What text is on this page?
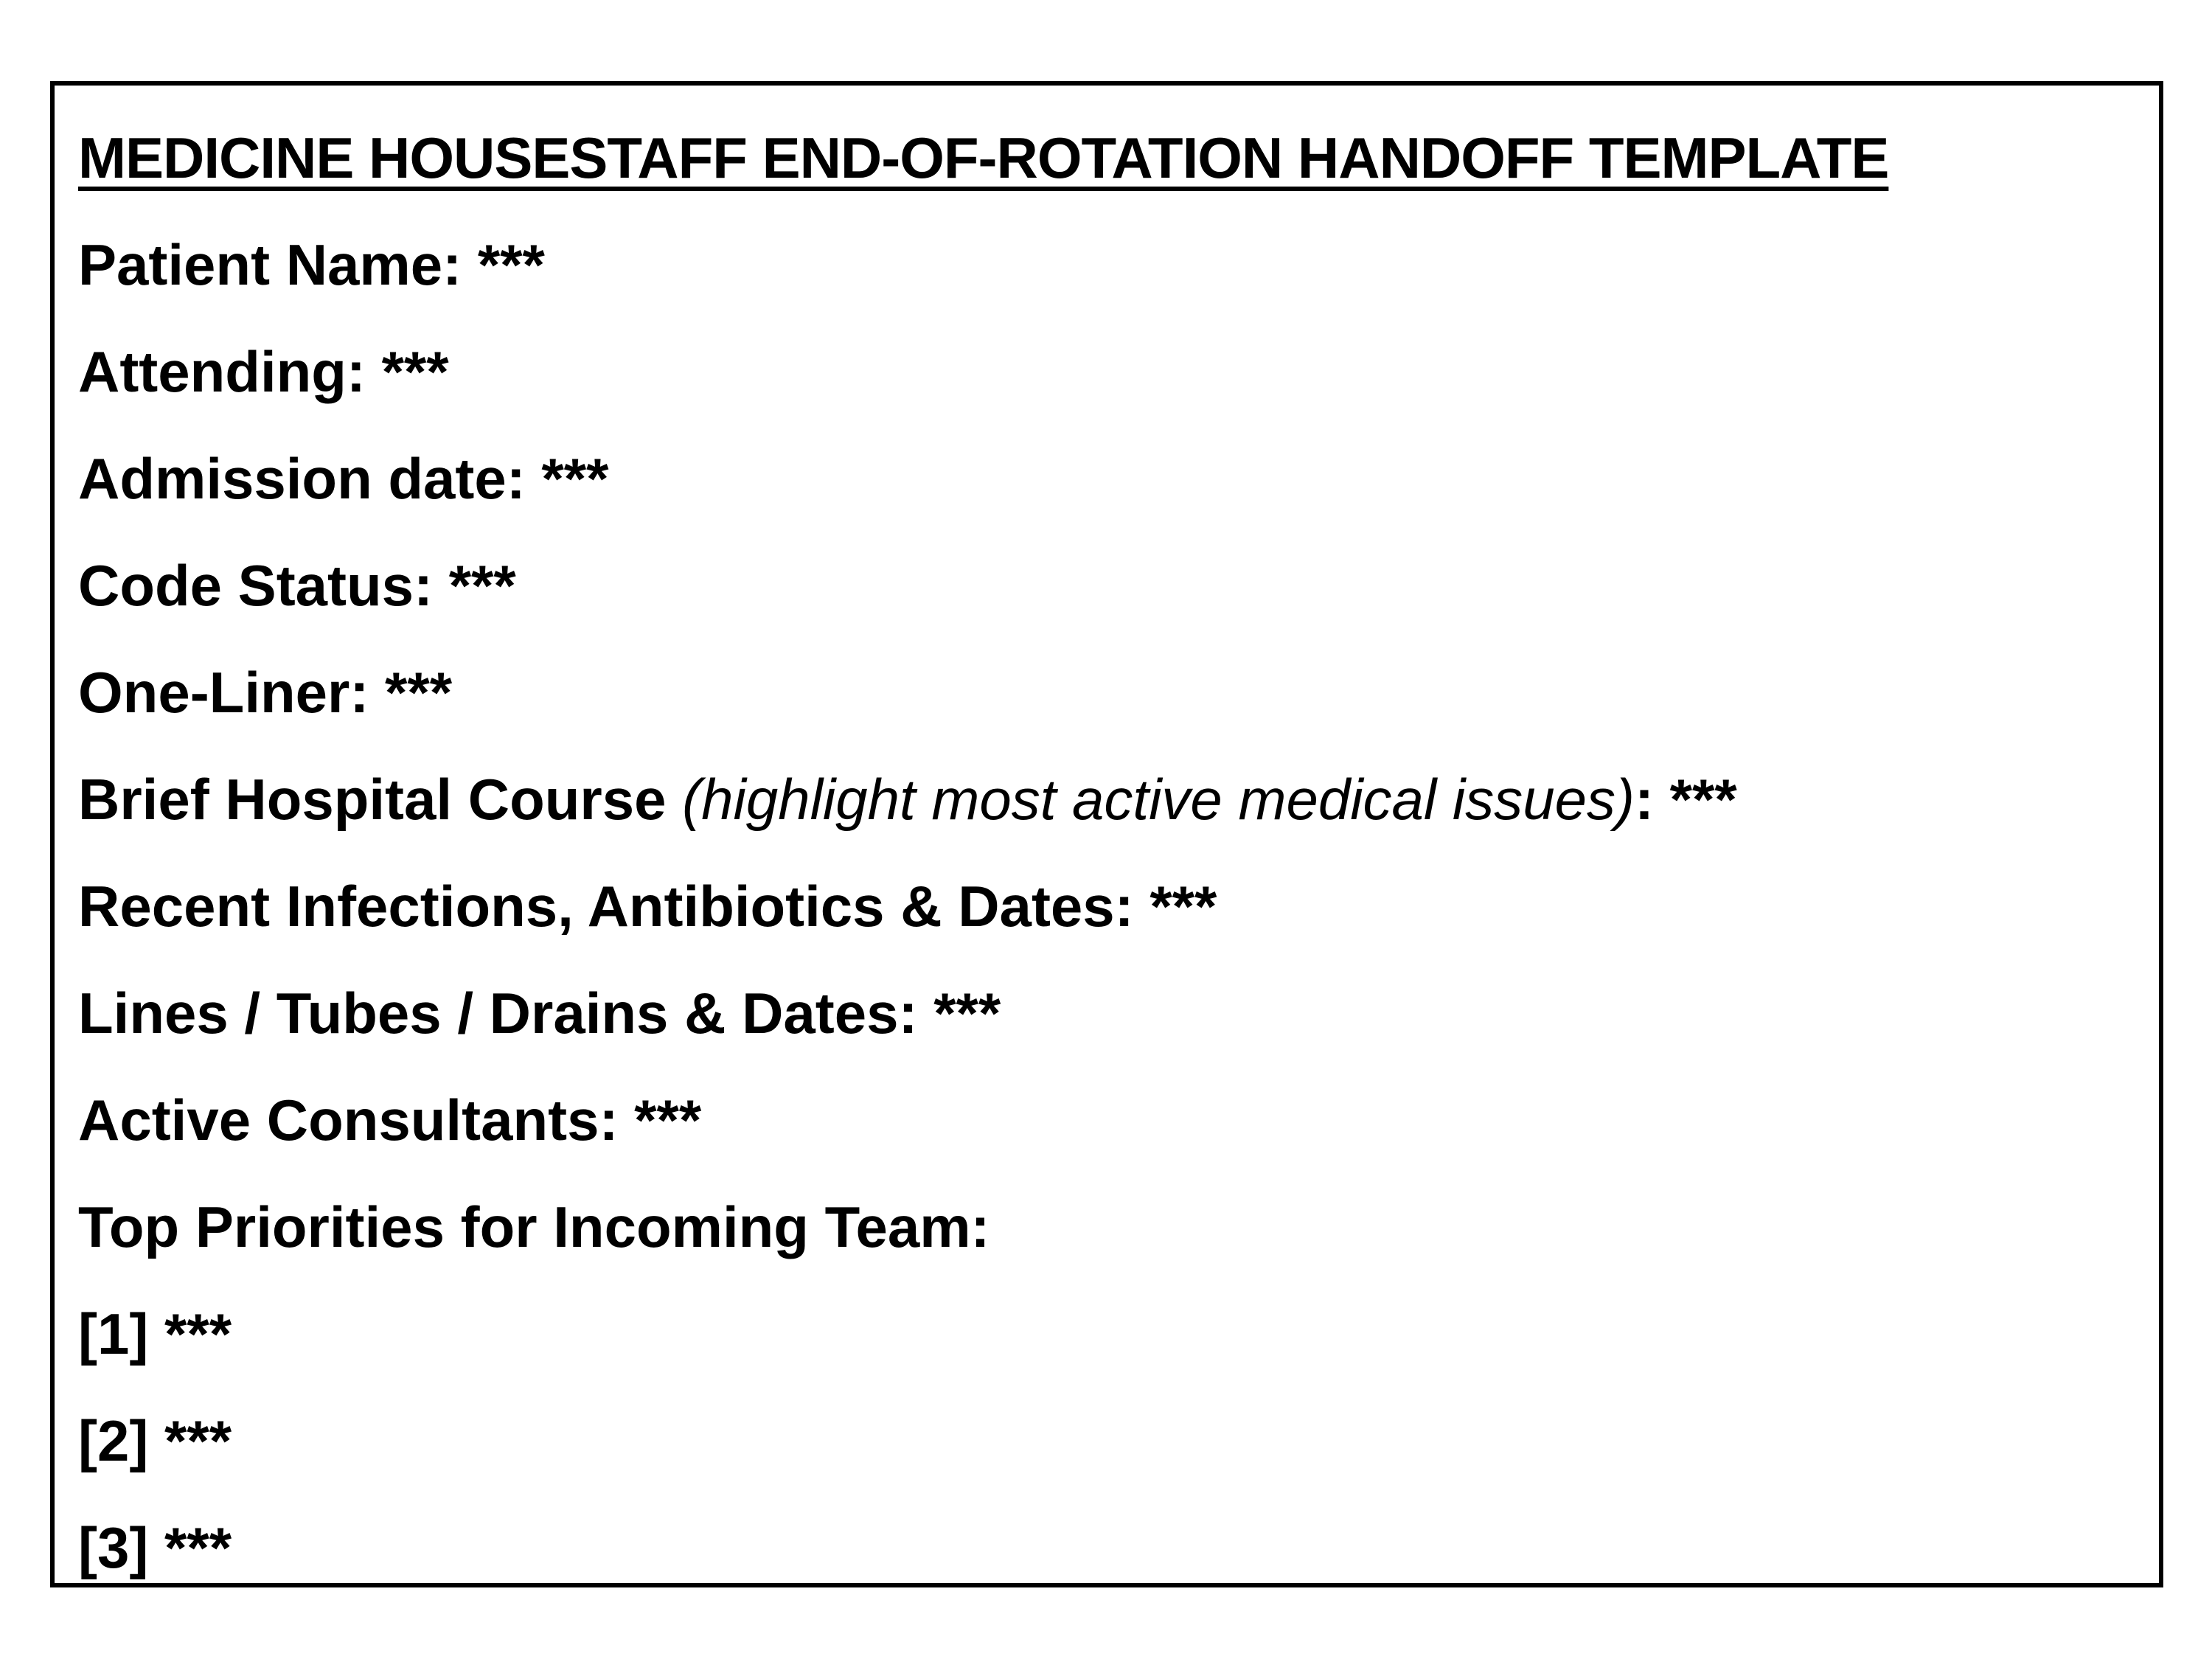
MEDICINE HOUSESTAFF END-OF-ROTATION HANDOFF TEMPLATE
Patient Name: ***
Attending: ***
Admission date: ***
Code Status: ***
One-Liner: ***
Brief Hospital Course (highlight most active medical issues): ***
Recent Infections, Antibiotics & Dates: ***
Lines / Tubes / Drains & Dates: ***
Active Consultants: ***
Top Priorities for Incoming Team:
[1] ***
[2] ***
[3] ***
